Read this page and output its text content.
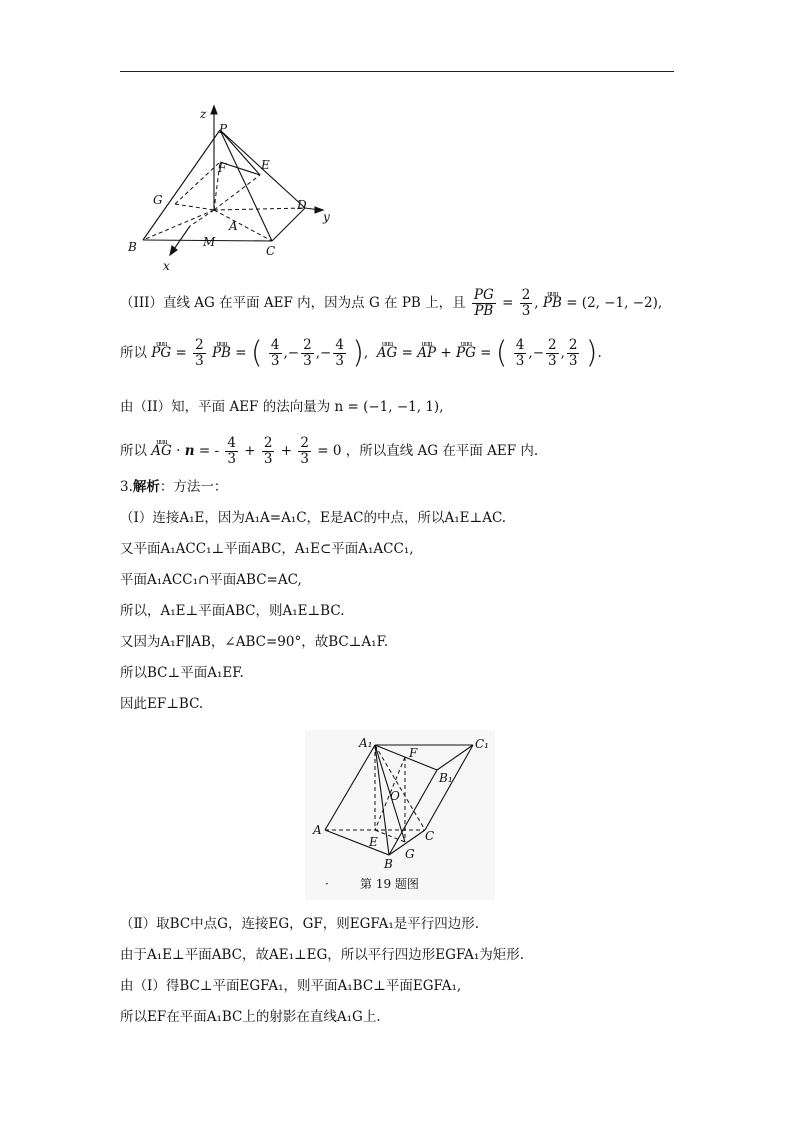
z
P
F	E
G	D
y
A
B	M
C
x
（III）直线 AG 在平面 AEF 内，因为点 G 在 PB 上，且 $\frac{PG}{PB} = \frac{2}{3}$ , uuu PB = (2, −1, −2),
所以 uuu PG = $\frac{2}{3}$ uuu PB = ( $\frac{4}{3}$ ,− $\frac{2}{3}$ ,− $\frac{4}{3}$ ),  uuu AG = uuu AP + uuu PG = ( $\frac{4}{3}$ ,− $\frac{2}{3}$ , $\frac{2}{3}$ ).
由（II）知，平面 AEF 的法向量为 n = (−1, −1, 1),
所以 uuu AG · n = - $\frac{4}{3} + \frac{2}{3} + \frac{2}{3} = 0$ ，所以直线 AG 在平面 AEF 内.
3.解析：方法一：
（I）连接A₁E，因为A₁A=A₁C，E是AC的中点，所以A₁E⊥AC.
又平面A₁ACC₁⊥平面ABC，A₁E⊂平面A₁ACC₁,
平面A₁ACC₁∩平面ABC=AC,
所以，A₁E⊥平面ABC，则A₁E⊥BC.
又因为A₁F∥AB，∠ABC=90°，故BC⊥A₁F.
所以BC⊥平面A₁EF.
因此EF⊥BC.
A₁	C₁
F
B₁
O
A	C
E
G
B
·	第 19 题图
（Ⅱ）取BC中点G，连接EG，GF，则EGFA₁是平行四边形.
由于A₁E⊥平面ABC，故AE₁⊥EG，所以平行四边形EGFA₁为矩形.
由（I）得BC⊥平面EGFA₁，则平面A₁BC⊥平面EGFA₁,
所以EF在平面A₁BC上的射影在直线A₁G上.
